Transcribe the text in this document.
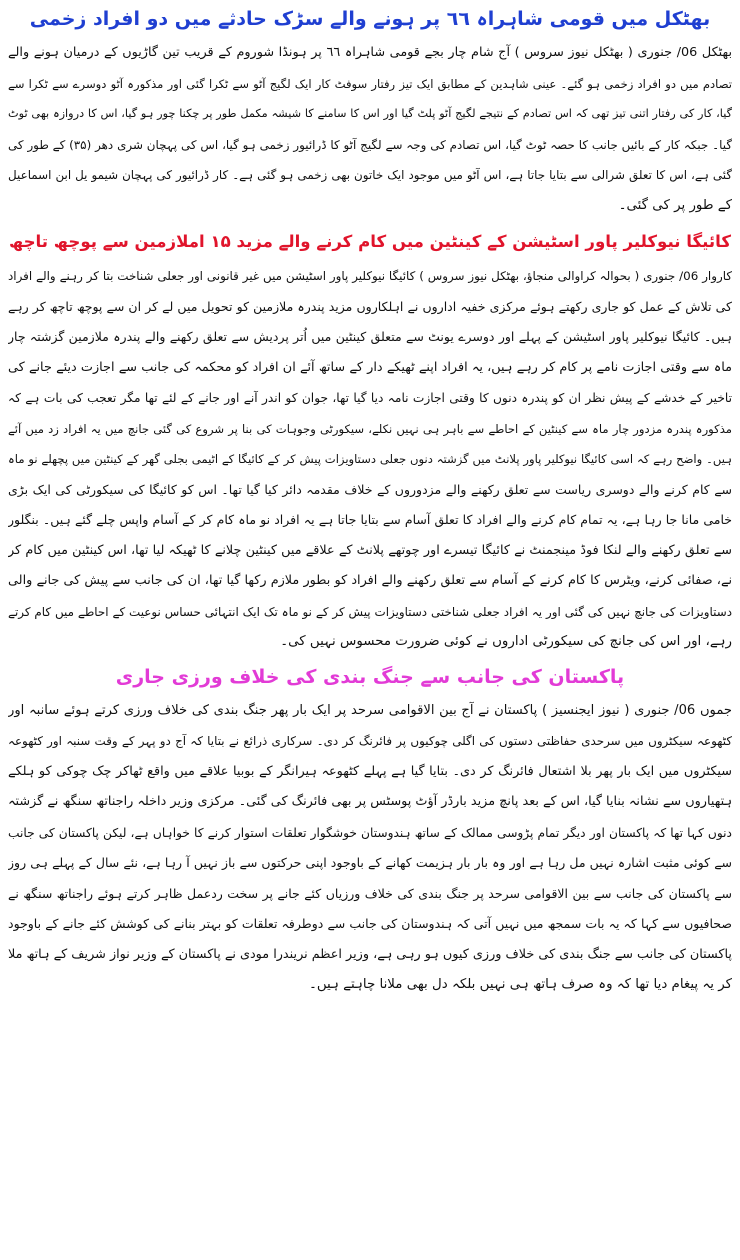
بھٹکل میں قومی شاہراہ ٦٦ پر ہونے والے سڑک حادثے میں دو افراد زخمی
بھٹکل 06/ جنوری ( بھٹکل نیوز سروس ) آج شام چار بجے قومی شاہراہ ٦٦ پر ہونڈا شوروم کے قریب تین گاڑیوں کے درمیان ہونے والے
تصادم میں دو افراد زخمی ہو گئے۔ عینی شاہدین کے مطابق ایک تیز رفتار سوفٹ کار ایک لگیج آٹو سے ٹکرا گئی اور مذکورہ آٹو دوسرے سے ٹکرا سے
گیا، کار کی رفتار اتنی تیز تھی کہ اس تصادم کے نتیجے لگیج آٹو پلٹ گیا اور اس کا سامنے کا شیشہ مکمل طور پر چکنا چور ہو گیا، اس کا دروازہ بھی ٹوٹ
گیا۔ جبکہ کار کے بائیں جانب کا حصہ ٹوٹ گیا، اس تصادم کی وجہ سے لگیج آٹو کا ڈرائیور زخمی ہو گیا، اس کی پہچان شری دھر (٣۵) کے طور کی
گئی ہے، اس کا تعلق شرالی سے بتایا جاتا ہے، اس آٹو میں موجود ایک خاتون بھی زخمی ہو گئی ہے۔ کار ڈرائیور کی پہچان شیمو یل ابن اسماعیل
کے طور پر کی گئی۔
کائیگا نیوکلیر پاور اسٹیشن کے کینٹین میں کام کرنے والے مزید ١۵ املازمین سے پوچھ تاچھ
کاروار 06/ جنوری ( بحوالہ کراوالی منجاؤ، بھٹکل نیوز سروس ) کائیگا نیوکلیر پاور اسٹیشن میں غیر قانونی اور جعلی شناخت بتا کر رہنے والے افراد
کی تلاش کے عمل کو جاری رکھتے ہوئے مرکزی خفیہ اداروں نے اہلکاروں مزید پندرہ ملازمین کو تحویل میں لے کر ان سے پوچھ تاچھ کر رہے
ہیں۔ کائیگا نیوکلیر پاور اسٹیشن کے پہلے اور دوسرے یونٹ سے متعلق کینٹین میں اُتر پردیش سے تعلق رکھنے والے پندرہ ملازمین گزشتہ چار
ماہ سے وقتی اجازت نامے پر کام کر رہے ہیں، یہ افراد اپنے ٹھیکے دار کے ساتھ آئے ان افراد کو محکمہ کی جانب سے اجازت دیئے جانے کی
تاخیر کے خدشے کے پیش نظر ان کو پندرہ دنوں کا وقتی اجازت نامہ دیا گیا تھا، جوان کو اندر آنے اور جانے کے لئے تھا مگر تعجب کی بات ہے کہ
مذکورہ پندرہ مزدور چار ماہ سے کینٹین کے احاطے سے باہر ہی نہیں نکلے، سیکورٹی وجوہات کی بنا پر شروع کی گئی جانچ میں یہ افراد زد میں آئے
ہیں۔ واضح رہے کہ اسی کائیگا نیوکلیر پاور پلانٹ میں گزشتہ دنوں جعلی دستاویزات پیش کر کے کائیگا کے اٹیمی بجلی گھر کے کینٹین میں پچھلے نو ماہ
سے کام کرنے والے دوسری ریاست سے تعلق رکھنے والے مزدوروں کے خلاف مقدمہ دائر کیا گیا تھا۔ اس کو کائیگا کی سیکورٹی کی ایک بڑی
خامی مانا جا رہا ہے، یہ تمام کام کرنے والے افراد کا تعلق آسام سے بتایا جاتا ہے یہ افراد نو ماہ کام کر کے آسام واپس چلے گئے ہیں۔ بنگلور
سے تعلق رکھنے والے لنکا فوڈ مینجمنٹ نے کائیگا تیسرے اور چوتھے پلانٹ کے علاقے میں کینٹین چلانے کا ٹھیکہ لیا تھا، اس کینٹین میں کام کر
نے، صفائی کرنے، ویٹرس کا کام کرنے کے آسام سے تعلق رکھنے والے افراد کو بطور ملازم رکھا گیا تھا، ان کی جانب سے پیش کی جانے والی
دستاویزات کی جانچ نہیں کی گئی اور یہ افراد جعلی شناختی دستاویزات پیش کر کے نو ماہ تک ایک انتہائی حساس نوعیت کے احاطے میں کام کرتے
رہے، اور اس کی جانچ کی سیکورٹی اداروں نے کوئی ضرورت محسوس نہیں کی۔
پاکستان کی جانب سے جنگ بندی کی خلاف ورزی جاری
جموں 06/ جنوری ( نیوز ایجنسیز ) پاکستان نے آج بین الاقوامی سرحد پر ایک بار پھر جنگ بندی کی خلاف ورزی کرتے ہوئے سانبہ اور
کٹھوعہ سیکٹروں میں سرحدی حفاظتی دستوں کی اگلی چوکیوں پر فائرنگ کر دی۔ سرکاری ذرائع نے بتایا کہ آج دو پہر کے وقت سنبہ اور کٹھوعہ
سیکٹروں میں ایک بار پھر بلا اشتعال فائرنگ کر دی۔ بتایا گیا ہے پہلے کٹھوعہ ہیرانگر کے بوبیا علاقے میں واقع ٹھاکر چک چوکی کو ہلکے
ہتھیاروں سے نشانہ بنایا گیا، اس کے بعد پانچ مزید بارڈر آؤٹ پوسٹس پر بھی فائرنگ کی گئی۔ مرکزی وزیر داخلہ راجناتھ سنگھ نے گزشتہ
دنوں کہا تھا کہ پاکستان اور دیگر تمام پڑوسی ممالک کے ساتھ ہندوستان خوشگوار تعلقات استوار کرنے کا خواہاں ہے، لیکن پاکستان کی جانب
سے کوئی مثبت اشارہ نہیں مل رہا ہے اور وہ بار بار ہزیمت کھانے کے باوجود اپنی حرکتوں سے باز نہیں آ رہا ہے، نئے سال کے پہلے ہی روز
سے پاکستان کی جانب سے بین الاقوامی سرحد پر جنگ بندی کی خلاف ورزیاں کئے جانے پر سخت ردعمل ظاہر کرتے ہوئے راجناتھ سنگھ نے
صحافیوں سے کہا کہ یہ بات سمجھ میں نہیں آتی کہ ہندوستان کی جانب سے دوطرفہ تعلقات کو بہتر بنانے کی کوشش کئے جانے کے باوجود
پاکستان کی جانب سے جنگ بندی کی خلاف ورزی کیوں ہو رہی ہے، وزیر اعظم نریندرا مودی نے پاکستان کے وزیر نواز شریف کے ہاتھ ملا
کر یہ پیغام دیا تھا کہ وہ صرف ہاتھ ہی نہیں بلکہ دل بھی ملانا چاہتے ہیں۔
